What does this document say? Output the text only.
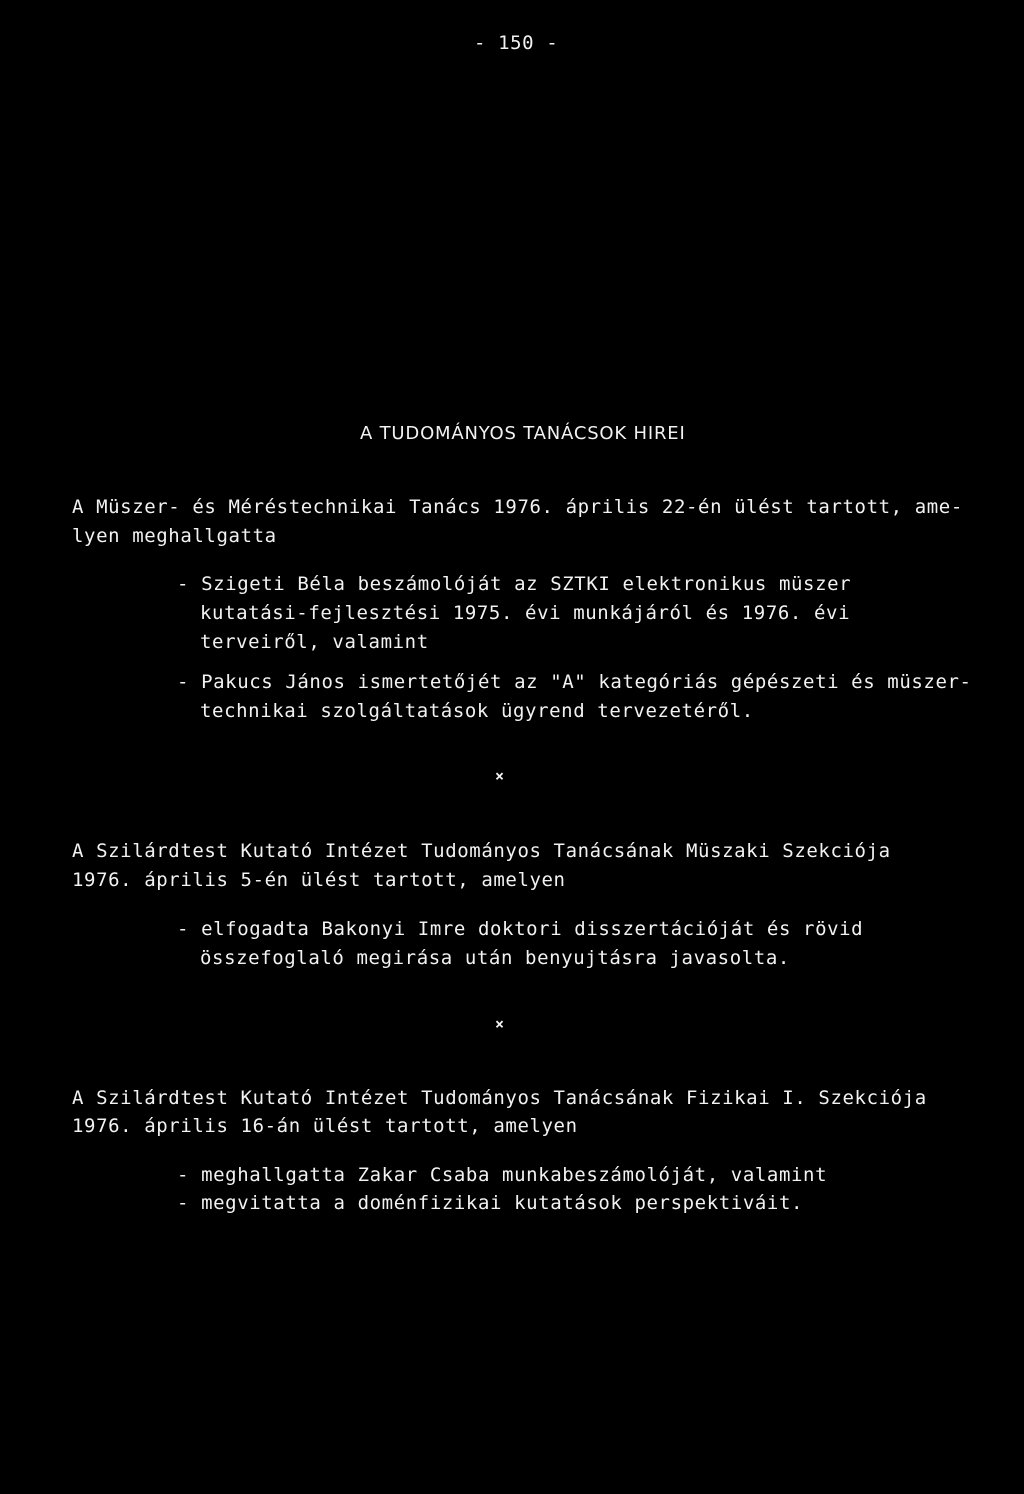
- 150 -
A TUDOMÁNYOS TANÁCSOK HIREI
A Müszer- és Méréstechnikai Tanács 1976. április 22-én ülést tartott, ame-
lyen meghallgatta
- Szigeti Béla beszámolóját az SZTKI elektronikus müszer
kutatási-fejlesztési 1975. évi munkájáról és 1976. évi
terveiről, valamint
- Pakucs János ismertetőjét az "A" kategóriás gépészeti és müszer-
technikai szolgáltatások ügyrend tervezetéről.
×
A Szilárdtest Kutató Intézet Tudományos Tanácsának Müszaki Szekciója
1976. április 5-én ülést tartott, amelyen
- elfogadta Bakonyi Imre doktori disszertációját és rövid
összefoglaló megirása után benyujtásra javasolta.
×
A Szilárdtest Kutató Intézet Tudományos Tanácsának Fizikai I. Szekciója
1976. április 16-án ülést tartott, amelyen
- meghallgatta Zakar Csaba munkabeszámolóját, valamint
- megvitatta a doménfizikai kutatások perspektiváit.
